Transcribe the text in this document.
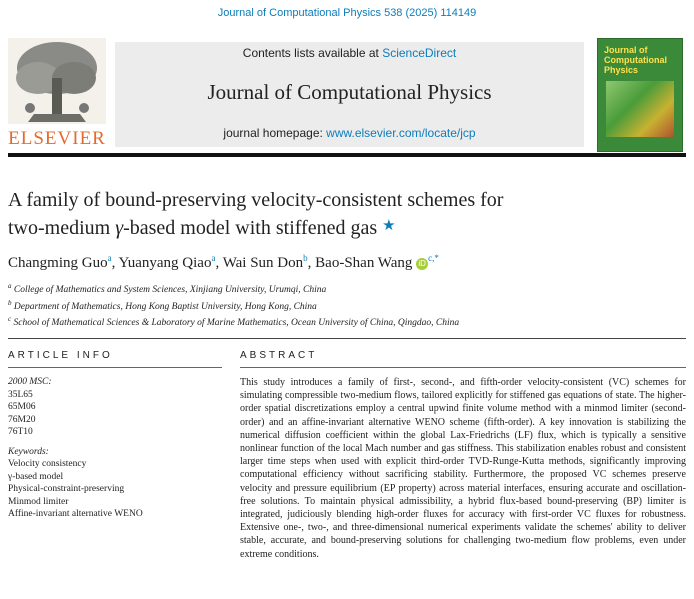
Journal of Computational Physics 538 (2025) 114149
ELSEVIER
Contents lists available at ScienceDirect
Journal of Computational Physics
journal homepage: www.elsevier.com/locate/jcp
Journal of Computational Physics
A family of bound-preserving velocity-consistent schemes for
two-medium γ-based model with stiffened gas ★
Changming Guo$^a$, Yuanyang Qiao$^a$, Wai Sun Don$^b$, Bao-Shan Wang $iD^{c,*}$
$^a$ College of Mathematics and System Sciences, Xinjiang University, Urumqi, China
$^b$ Department of Mathematics, Hong Kong Baptist University, Hong Kong, China
$^c$ School of Mathematical Sciences & Laboratory of Marine Mathematics, Ocean University of China, Qingdao, China
ARTICLE INFO	ABSTRACT
2000 MSC:
35L65
65M06
76M20
76T10
Keywords:
Velocity consistency
γ-based model
Physical-constraint-preserving
Minmod limiter
Affine-invariant alternative WENO
This study introduces a family of first-, second-, and fifth-order velocity-consistent (VC) schemes for simulating compressible two-medium flows, tailored explicitly for stiffened gas equations of state. The higher-order spatial discretizations employ a central upwind finite volume method with a minmod limiter (second-order) and an affine-invariant alternative WENO scheme (fifth-order). A key innovation is stabilizing the numerical diffusion coefficient within the global Lax-Friedrichs (LF) flux, which is typically a sensitive nonlinear function of the local Mach number and gas stiffness. This stabilization enables robust and consistent larger time steps when used with explicit third-order TVD-Runge-Kutta methods, significantly improving computational efficiency without sacrificing stability. Furthermore, the proposed VC schemes preserve velocity and pressure equilibrium (EP property) across material interfaces, ensuring accurate and oscillation-free solutions. To maintain physical admissibility, a hybrid flux-based bound-preserving (BP) limiter is integrated, judiciously blending high-order fluxes for accuracy with first-order VC fluxes for robustness. Extensive one-, two-, and three-dimensional numerical experiments validate the schemes' ability to deliver stable, accurate, and bound-preserving solutions for challenging two-medium flow problems, even under extreme conditions.
